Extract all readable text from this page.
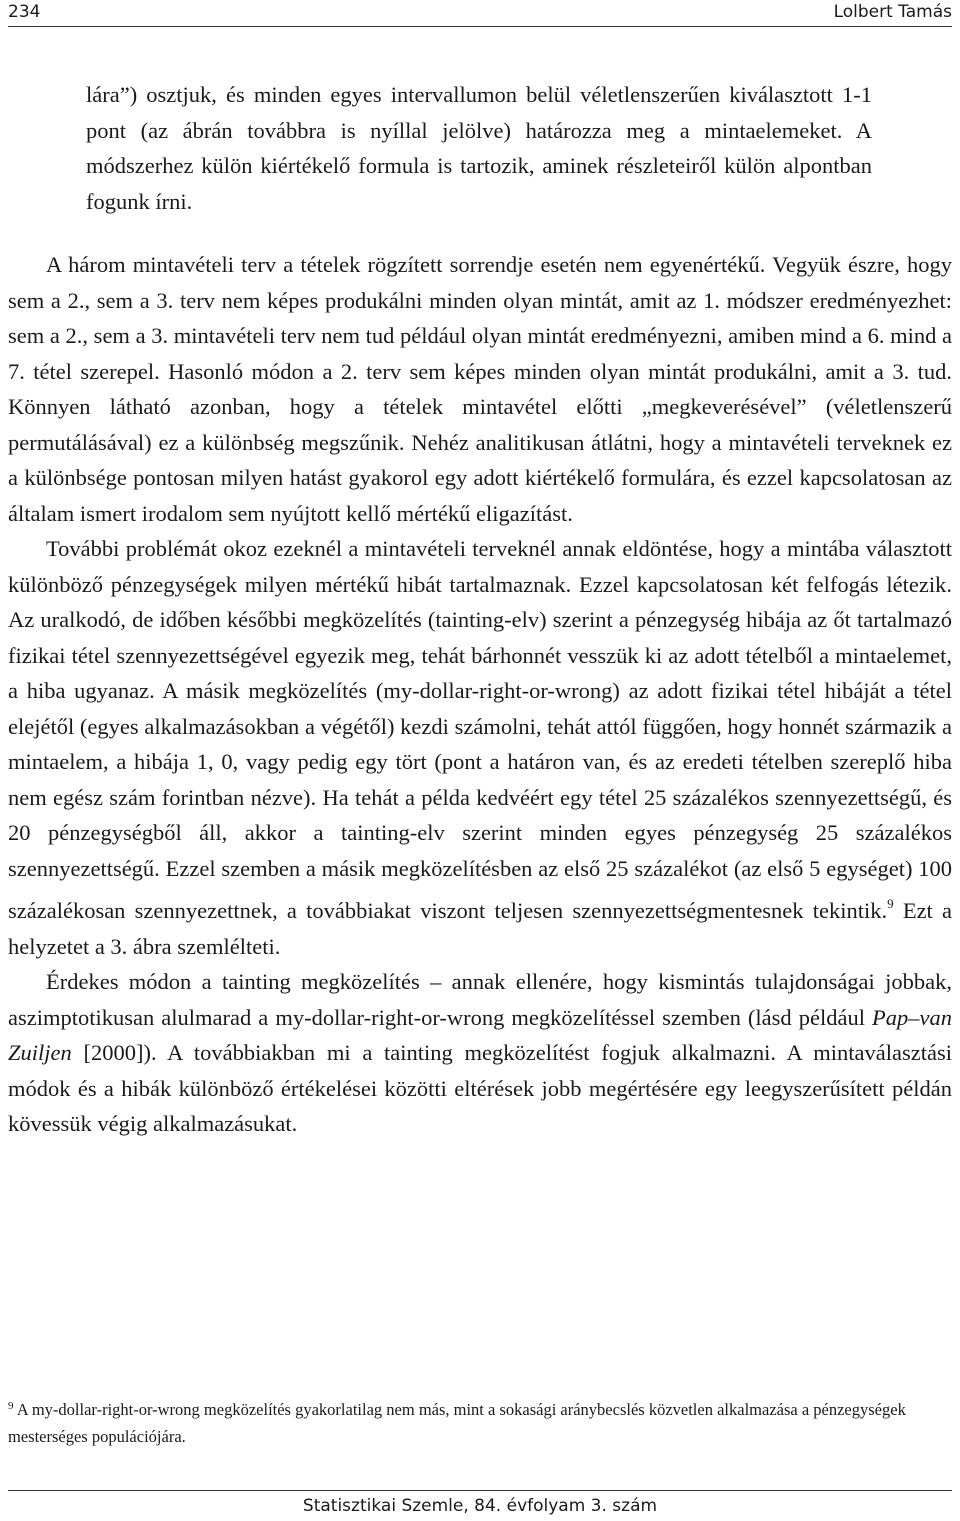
234	Lolbert Tamás

lára”) osztjuk, és minden egyes intervallumon belül véletlenszerűen kiválasztott 1-1 pont (az ábrán továbbra is nyíllal jelölve) határozza meg a mintaelemeket. A módszerhez külön kiértékelő formula is tartozik, aminek részleteiről külön alpontban fogunk írni.

A három mintavételi terv a tételek rögzített sorrendje esetén nem egyenértékű. Vegyük észre, hogy sem a 2., sem a 3. terv nem képes produkálni minden olyan mintát, amit az 1. módszer eredményezhet: sem a 2., sem a 3. mintavételi terv nem tud például olyan mintát eredményezni, amiben mind a 6. mind a 7. tétel szerepel. Hasonló módon a 2. terv sem képes minden olyan mintát produkálni, amit a 3. tud. Könnyen látható azonban, hogy a tételek mintavétel előtti „megkeverésével” (véletlenszerű permutálásával) ez a különbség megszűnik. Nehéz analitikusan átlátni, hogy a mintavételi terveknek ez a különbsége pontosan milyen hatást gyakorol egy adott kiértékelő formulára, és ezzel kapcsolatosan az általam ismert irodalom sem nyújtott kellő mértékű eligazítást.

További problémát okoz ezeknél a mintavételi terveknél annak eldöntése, hogy a mintába választott különböző pénzegységek milyen mértékű hibát tartalmaznak. Ezzel kapcsolatosan két felfogás létezik. Az uralkodó, de időben későbbi megközelítés (tainting-elv) szerint a pénzegység hibája az őt tartalmazó fizikai tétel szennyezettségével egyezik meg, tehát bárhonnét vesszük ki az adott tételből a mintaelemet, a hiba ugyanaz. A másik megközelítés (my-dollar-right-or-wrong) az adott fizikai tétel hibáját a tétel elejétől (egyes alkalmazásokban a végétől) kezdi számolni, tehát attól függően, hogy honnét származik a mintaelem, a hibája 1, 0, vagy pedig egy tört (pont a határon van, és az eredeti tételben szereplő hiba nem egész szám forintban nézve). Ha tehát a példa kedvéért egy tétel 25 százalékos szennyezettségű, és 20 pénzegységből áll, akkor a tainting-elv szerint minden egyes pénzegység 25 százalékos szennyezettségű. Ezzel szemben a másik megközelítésben az első 25 százalékot (az első 5 egységet) 100 százalékosan szennyezettnek, a továbbiakat viszont teljesen szennyezettségmentesnek tekintik.$^9$ Ezt a helyzetet a 3. ábra szemlélteti.

Érdekes módon a tainting megközelítés – annak ellenére, hogy kismintás tulajdonságai jobbak, aszimptotikusan alulmarad a my-dollar-right-or-wrong megközelítéssel szemben (lásd például Pap–van Zuiljen [2000]). A továbbiakban mi a tainting megközelítést fogjuk alkalmazni. A mintaválasztási módok és a hibák különböző értékelései közötti eltérések jobb megértésére egy leegyszerűsített példán kövessük végig alkalmazásukat.

$^9$ A my-dollar-right-or-wrong megközelítés gyakorlatilag nem más, mint a sokasági aránybecslés közvetlen alkalmazása a pénzegységek mesterséges populációjára.

Statisztikai Szemle, 84. évfolyam 3. szám
